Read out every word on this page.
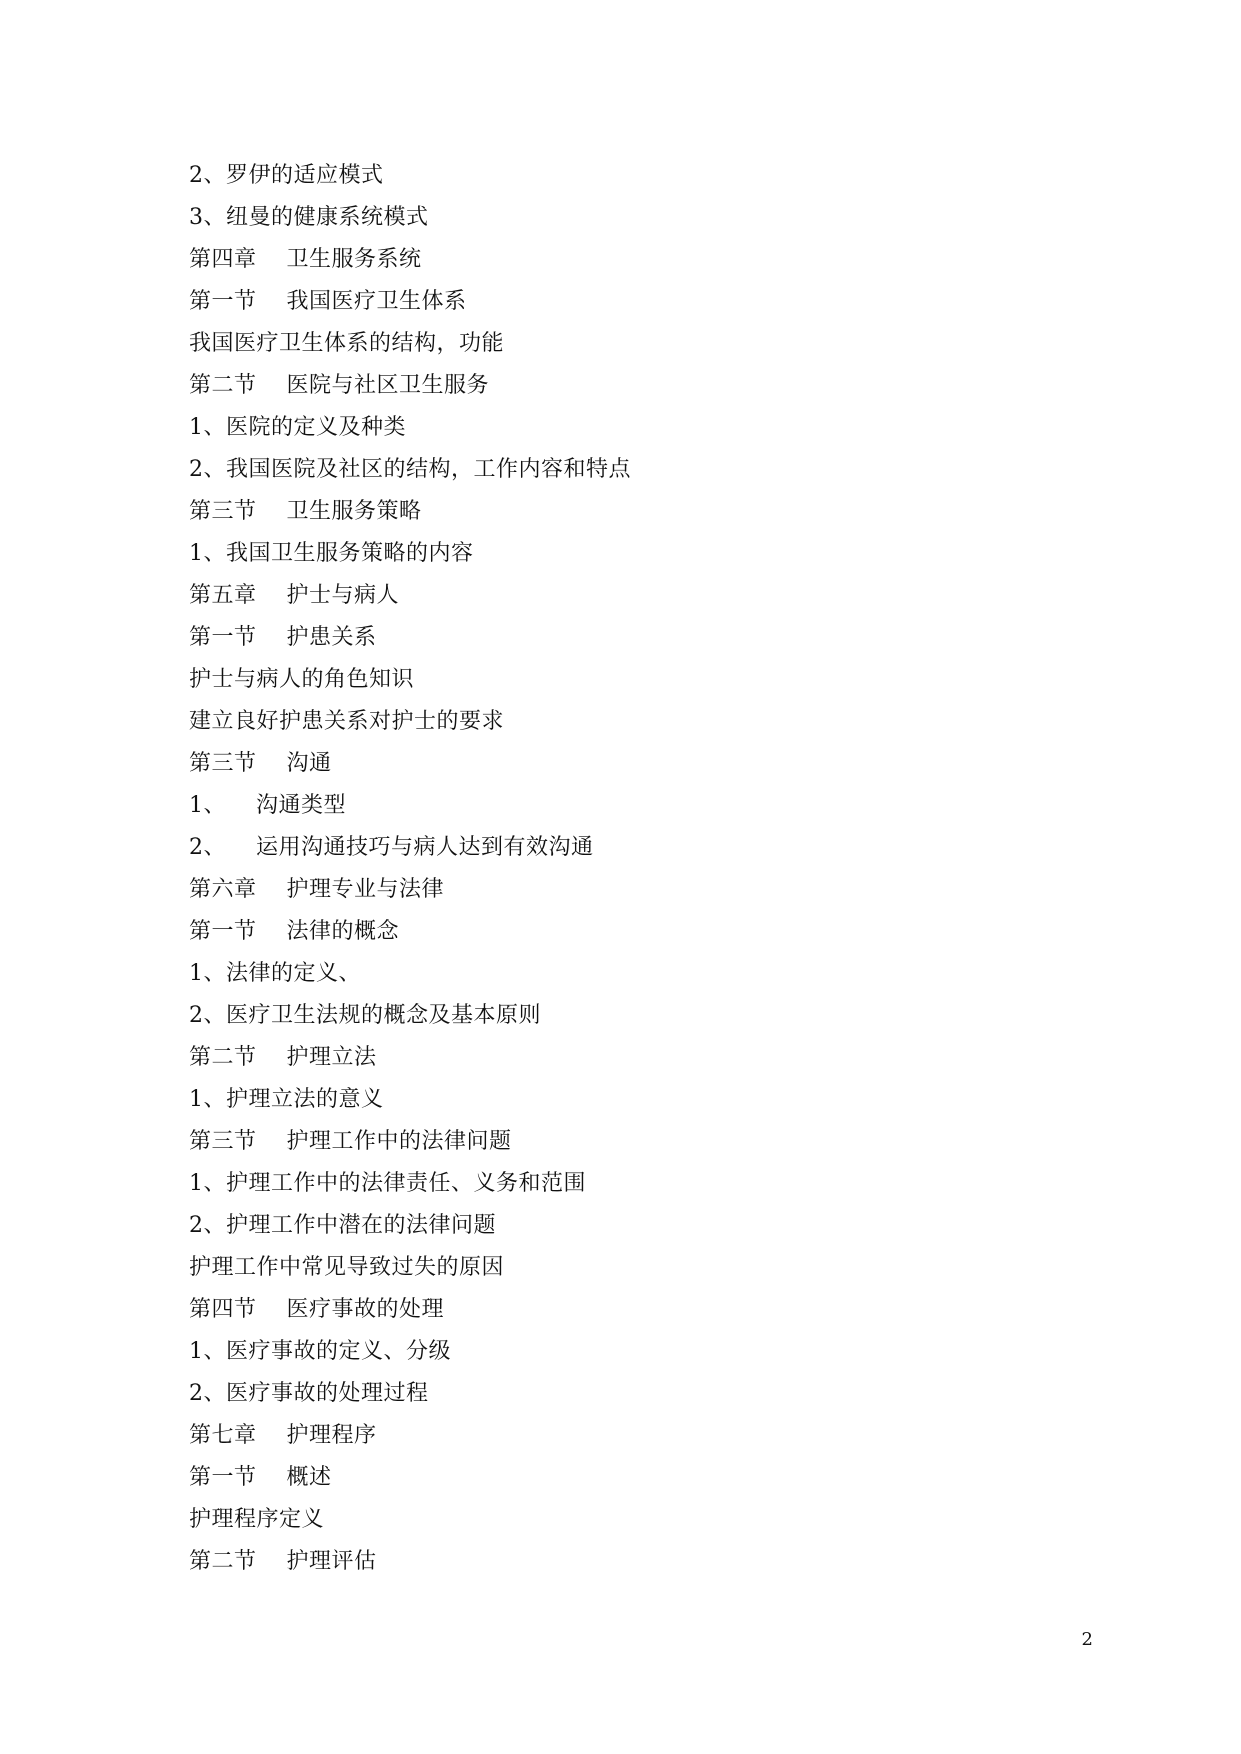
2、罗伊的适应模式
3、纽曼的健康系统模式
第四章    卫生服务系统
第一节    我国医疗卫生体系
我国医疗卫生体系的结构，功能
第二节    医院与社区卫生服务
1、医院的定义及种类
2、我国医院及社区的结构，工作内容和特点
第三节    卫生服务策略
1、我国卫生服务策略的内容
第五章    护士与病人
第一节    护患关系
护士与病人的角色知识
建立良好护患关系对护士的要求
第三节    沟通
1、    沟通类型
2、    运用沟通技巧与病人达到有效沟通
第六章    护理专业与法律
第一节    法律的概念
1、法律的定义、
2、医疗卫生法规的概念及基本原则
第二节    护理立法
1、护理立法的意义
第三节    护理工作中的法律问题
1、护理工作中的法律责任、义务和范围
2、护理工作中潜在的法律问题
护理工作中常见导致过失的原因
第四节    医疗事故的处理
1、医疗事故的定义、分级
2、医疗事故的处理过程
第七章    护理程序
第一节    概述
护理程序定义
第二节    护理评估
2
